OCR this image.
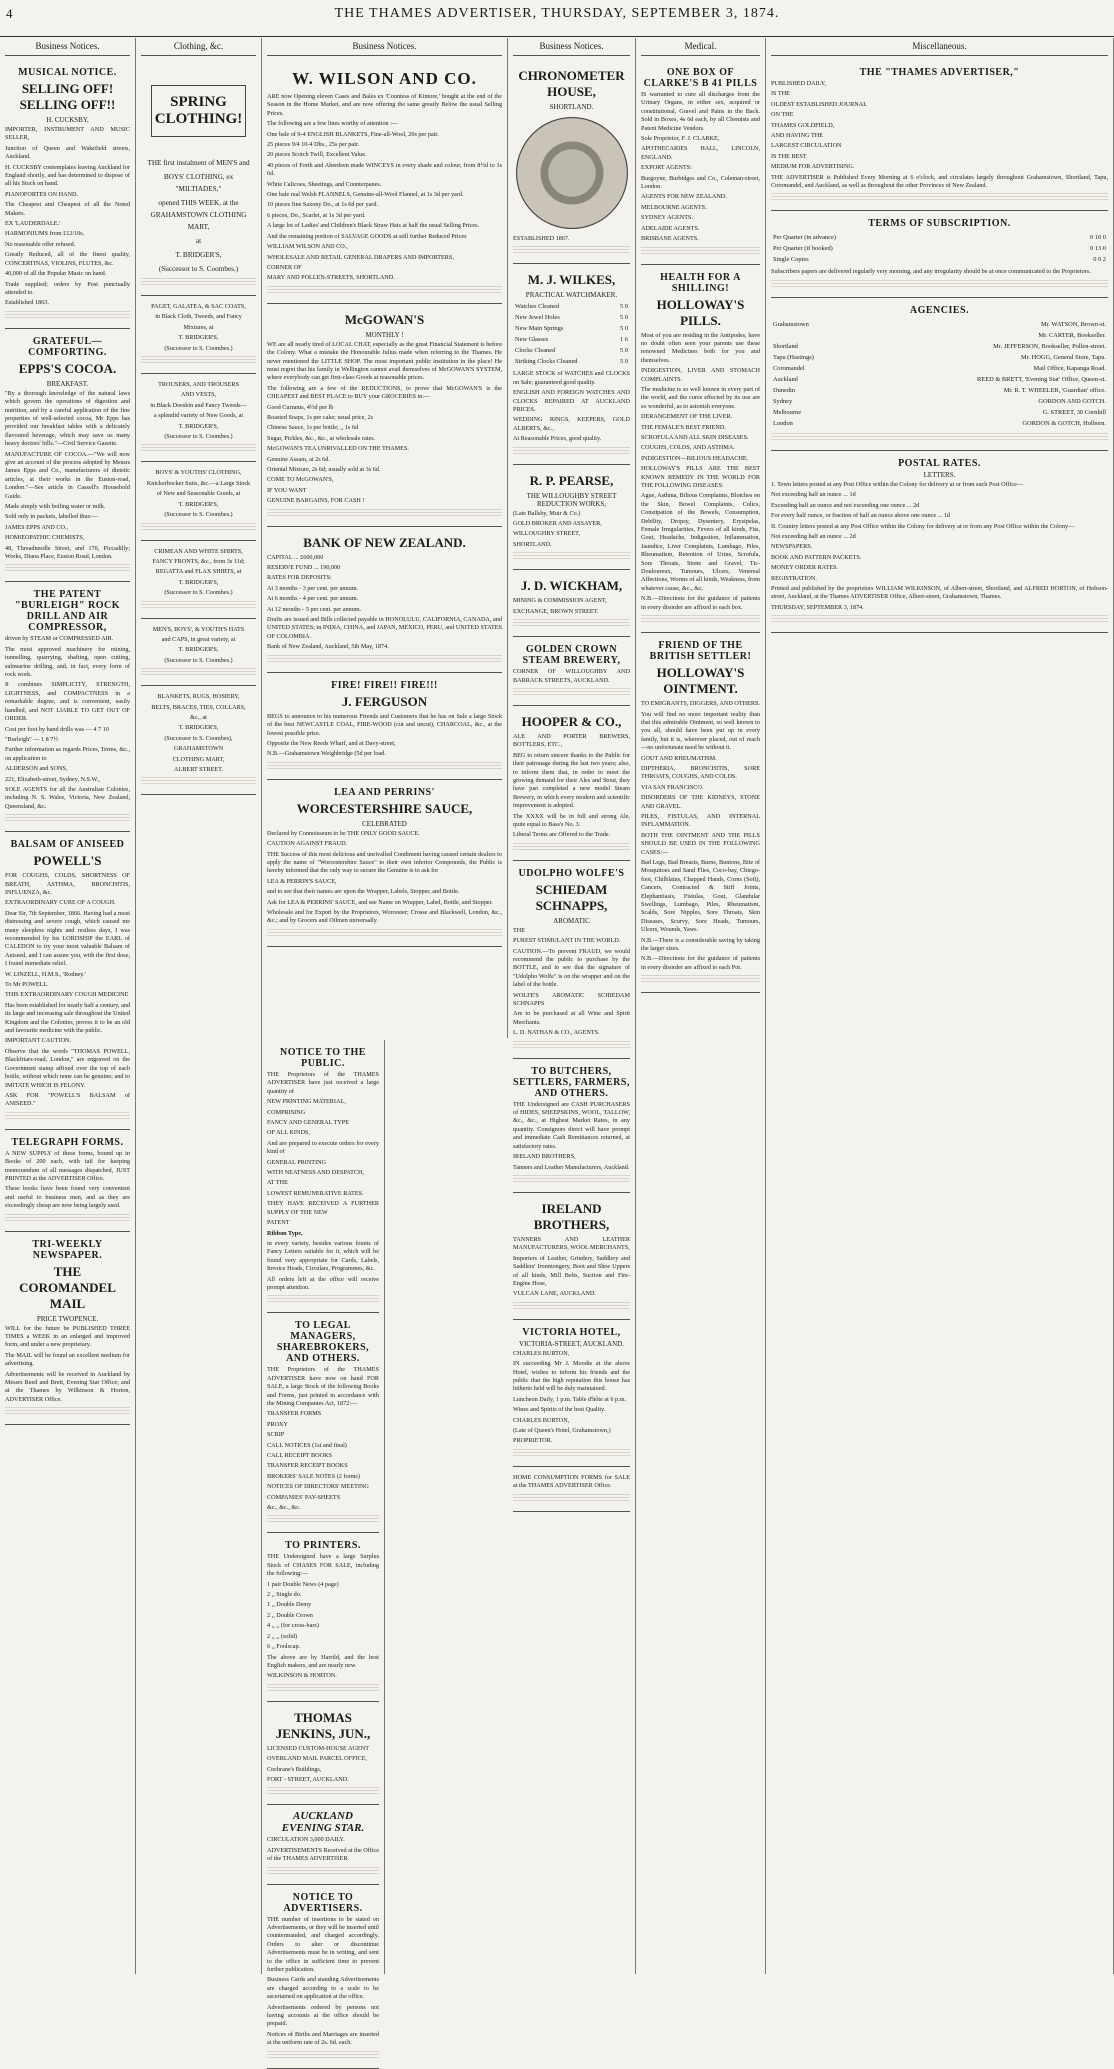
4	THE THAMES ADVERTISER, THURSDAY, SEPTEMBER 3, 1874.
Business Notices.
MUSICAL NOTICE.
SELLING OFF! SELLING OFF!!
H. CUCKSBY,

IMPORTER, INSTRUMENT AND MUSIC SELLER,

Junction of Queen and Wakefield streets, Auckland.

H. CUCKSBY contemplates leaving Auckland for England shortly, and has determined to dispose of all his Stock on hand.

PIANOFORTES ON HAND.

The Cheapest and Cheapest of all the Noted Makers.

EX 'LAUDERDALE.'

HARMONIUMS from £12/10s.

No reasonable offer refused.

Greatly Reduced, all of the finest quality, CONCERTINAS, VIOLINS, FLUTES, &c.

40,000 of all the Popular Music on hand.

Trade supplied; orders by Post punctually attended to.

Established 1863.

GRATEFUL—COMFORTING.
EPPS'S COCOA.
BREAKFAST.

"By a thorough knowledge of the natural laws which govern the operations of digestion and nutrition, and by a careful application of the fine properties of well-selected cocoa, Mr Epps has provided our breakfast tables with a delicately flavoured beverage, which may save us many heavy doctors' bills."—Civil Service Gazette.

MANUFACTURE OF COCOA.—"We will now give an account of the process adopted by Messrs James Epps and Co., manufacturers of dietetic articles, at their works in the Euston-road, London."—See article in Cassell's Household Guide.

Made simply with boiling water or milk.

Sold only in packets, labelled thus:—

JAMES EPPS AND CO.,

HOMŒOPATHIC CHEMISTS,

48, Threadneedle Street, and 170, Piccadilly; Works, Diana Place, Euston Road, London.

THE PATENT "BURLEIGH" ROCK DRILL AND AIR COMPRESSOR,

driven by STEAM or COMPRESSED AIR.

The most approved machinery for mining, tunnelling, quarrying, shafting, open cutting, submarine drilling, and, in fact, every form of rock work.

It combines SIMPLICITY, STRENGTH, LIGHTNESS, and COMPACTNESS in a remarkable degree, and is convenient, easily handled, and NOT LIABLE TO GET OUT OF ORDER.

Cost per foot by hand drills was — 4 7 10

"Burleigh" — 1 8 7½

Further information as regards Prices, Terms, &c., on application to

ALDERSON and SONS,

221, Elizabeth-street, Sydney, N.S.W.,

SOLE AGENTS for all the Australian Colonies, including N. S. Wales, Victoria, New Zealand, Queensland, &c.

BALSAM OF ANISEED
POWELL'S

FOR COUGHS, COLDS, SHORTNESS OF BREATH, ASTHMA, BRONCHITIS, INFLUENZA, &c.

EXTRAORDINARY CURE OF A COUGH.

Dear Sir, 7th September, 1866. Having had a most distressing and severe cough, which caused me many sleepless nights and restless days, I was recommended by his LORDSHIP the EARL of CALEDON to try your most valuable Balsam of Aniseed, and I can assure you, with the first dose, I found immediate relief.

W. LINZELL, H.M.S., 'Rodney.'

To Mr POWELL.

THIS EXTRAORDINARY COUGH MEDICINE

Has been established for nearly half a century, and its large and increasing sale throughout the United Kingdom and the Colonies, proves it to be an old and favourite medicine with the public.

IMPORTANT CAUTION.

Observe that the words "THOMAS POWELL, Blackfriars-road, London," are engraved on the Government stamp affixed over the top of each bottle, without which none can be genuine; and to IMITATE WHICH IS FELONY.

ASK FOR "POWELL'S BALSAM of ANISEED."

TELEGRAPH FORMS.

A NEW SUPPLY of these forms, bound up in Books of 200 each, with tail for keeping memorandum of all messages dispatched, JUST PRINTED at the ADVERTISER Office.

These books have been found very convenient and useful to business men, and as they are exceedingly cheap are now being largely used.

TRI-WEEKLY NEWSPAPER.
THE COROMANDEL MAIL
PRICE TWOPENCE.

WILL for the future be PUBLISHED THREE TIMES a WEEK in an enlarged and improved form, and under a new proprietary.

The MAIL will be found an excellent medium for advertising.

Advertisements will be received in Auckland by Messrs Reed and Brett, Evening Star Office; and at the Thames by Wilkinson & Horton, ADVERTISER Office.

Clothing, &c.
SPRING CLOTHING!

THE first instalment of MEN'S and

BOYS' CLOTHING, ex "MILTIADES,"

opened THIS WEEK, at the GRAHAMSTOWN CLOTHING MART,

at

T. BRIDGER'S,

(Successor to S. Coombes.)

PAGET, GALATEA, & SAC COATS,

in Black Cloth, Tweeds, and Fancy

Mixtures, at

T. BRIDGER'S,

(Successor to S. Coombes.)

TROUSERS, AND TROUSERS

AND VESTS,

in Black Doeskin and Fancy Tweeds—

a splendid variety of New Goods, at

T. BRIDGER'S,

(Successor to S. Coombes.)

BOYS' & YOUTHS' CLOTHING,

Knickerbocker Suits, &c.—a Large Stock

of New and Seasonable Goods, at

T. BRIDGER'S,

(Successor to S. Coombes.)

CRIMEAN AND WHITE SHIRTS,

FANCY FRONTS, &c., from 3s 11d;

REGATTA and FLAX SHIRTS, at

T. BRIDGER'S,

(Successor to S. Coombes.)

MEN'S, BOYS', & YOUTH'S HATS

and CAPS, in great variety, at

T. BRIDGER'S,

(Successor to S. Coombes.)

BLANKETS, RUGS, HOSIERY,

BELTS, BRACES, TIES, COLLARS,

&c., at

T. BRIDGER'S,

(Successor to S. Coombes),

GRAHAMSTOWN

CLOTHING MART,

ALBERT STREET.

Business Notices.
W. WILSON AND CO.

ARE now Opening eleven Cases and Bales ex 'Countess of Kintore,' bought at the end of the Season in the Home Market, and are now offering the same greatly Below the usual Selling Prices.

The following are a few lines worthy of attention :—

One bale of 9-4 ENGLISH BLANKETS, Fine-all-Wool, 20s per pair.

25 pieces 9/4 10-4 Dbs., 25s per pair.

20 pieces Scotch Twill, Excellent Value.

40 pieces of Forth and Aberdeen made WINCEYS in every shade and colour, from 8½d to 1s 6d.

White Calicoes, Sheetings, and Counterpanes.

One bale real Welsh FLANNELS, Genuine-all-Wool Flannel, at 1s 3d per yard.

10 pieces fine Saxony Do., at 1s 6d per yard.

6 pieces, Do., Scarlet, at 1s 3d per yard.

A large lot of Ladies' and Children's Black Straw Hats at half the usual Selling Prices.

And the remaining portion of SALVAGE GOODS at still further Reduced Prices

WILLIAM WILSON AND CO.,

WHOLESALE AND RETAIL GENERAL DRAPERS AND IMPORTERS,

CORNER OF

MARY AND POLLEN-STREETS, SHORTLAND.

McGOWAN'S
MONTHLY !

WE are all nearly tired of LOCAL CHAT, especially as the great Financial Statement is before the Colony. What a mistake the Honourable Julius made when referring to the Thames. He never mentioned the LITTLE SHOP. The most important public institution in the place! He must regret that his family in Wellington cannot avail themselves of McGOWAN'S SYSTEM, where everybody can get first-class Goods at reasonable prices.

The following are a few of the REDUCTIONS, to prove that McGOWAN'S is the CHEAPEST and BEST PLACE to BUY your GROCERIES in:—

Good Currants, 4½d per lb

Roasted Soaps, 1s per cake; usual price, 2s

Chinese Sauce, 1s per bottle; ,, 1s 6d

Sugar, Pickles, &c., &c., at wholesale rates.

McGOWAN'S TEA UNRIVALLED ON THE THAMES.

Genuine Assam, at 2s 6d.

Oriental Mixture, 2s 6d; usually sold at 3s 6d.

COME TO McGOWAN'S,

IF YOU WANT

GENUINE BARGAINS, FOR CASH !

BANK OF NEW ZEALAND.

CAPITAL ... £600,000

RESERVE FUND ... 190,000

RATES FOR DEPOSITS:

At 3 months - 3 per cent. per annum.

At 6 months - 4 per cent. per annum.

At 12 months - 5 per cent. per annum.

Drafts are issued and Bills collected payable in HONOLULU, CALIFORNIA, CANADA, and UNITED STATES; in INDIA, CHINA, and JAPAN, MEXICO, PERU, and UNITED STATES OF COLOMBIA.

Bank of New Zealand, Auckland, 5th May, 1874.

FIRE! FIRE!! FIRE!!!
J. FERGUSON

BEGS to announce to his numerous Friends and Customers that he has on Sale a large Stock of the best NEWCASTLE COAL, FIRE-WOOD (cut and uncut), CHARCOAL, &c., at the lowest possible price.

Opposite the New Reeds Wharf, and at Davy-street,

N.B.—Grahamstown Weighbridge (5d per load.

LEA AND PERRINS'
WORCESTERSHIRE SAUCE,
CELEBRATED

Declared by Connoisseurs to be THE ONLY GOOD SAUCE.

CAUTION AGAINST FRAUD.

THE Success of this most delicious and unrivalled Condiment having caused certain dealers to apply the name of "Worcestershire Sauce" to their own inferior Compounds, the Public is hereby informed that the only way to secure the Genuine is to ask for

LEA & PERRIN'S SAUCE,

and to see that their names are upon the Wrapper, Labels, Stopper, and Bottle.

Ask for LEA & PERRINS' SAUCE, and see Name on Wrapper, Label, Bottle, and Stopper.

Wholesale and for Export by the Proprietors, Worcester; Crosse and Blackwell, London, &c., &c.; and by Grocers and Oilmen universally.

NOTICE TO THE PUBLIC.

THE Proprietors of the THAMES ADVERTISER have just received a large quantity of

NEW PRINTING MATERIAL,

COMPRISING

FANCY AND GENERAL TYPE

OF ALL KINDS,

And are prepared to execute orders for every kind of

GENERAL PRINTING

WITH NEATNESS AND DESPATCH,

AT THE

LOWEST REMUNERATIVE RATES.

THEY HAVE RECEIVED A FURTHER SUPPLY OF THE NEW

PATENT

Ribbon Type,

in every variety, besides various founts of Fancy Letters suitable for it, which will be found very appropriate for Cards, Labels, Invoice Heads, Circulars, Programmes, &c.

All orders left at the office will receive prompt attention.

TO LEGAL MANAGERS, SHAREBROKERS, AND OTHERS.

THE Proprietors of the THAMES ADVERTISER have now on hand FOR SALE, a large Stock of the following Books and Forms, just printed in accordance with the Mining Companies Act, 1872:—

TRANSFER FORMS

PROXY

SCRIP

CALL NOTICES (1st and final)

CALL RECEIPT BOOKS

TRANSFER RECEIPT BOOKS

BROKERS' SALE NOTES (2 forms)

NOTICES OF DIRECTORS' MEETING

COMPANIES' PAY-SHEETS

&c., &c., &c.

TO PRINTERS.

THE Undersigned have a large Surplus Stock of CHASES FOR SALE, including the following:—

1 pair Double News (4 page)

2 ,, Single do.

1 ,, Double Demy

2 ,, Double Crown

4 ,, ,, (for cross-bars)

2 ,, ,, (solid)

6 ,, Foolscap.

The above are by Harrild, and the best English makers, and are nearly new.

WILKINSON & HORTON.

THOMAS JENKINS, JUN.,

LICENSED CUSTOM-HOUSE AGENT

OVERLAND MAIL PARCEL OFFICE,

Cochrane's Buildings,

FORT - STREET, AUCKLAND.

AUCKLAND EVENING STAR.

CIRCULATION 3,000 DAILY.

ADVERTISEMENTS Received at the Office of the THAMES ADVERTISER.

NOTICE TO ADVERTISERS.

THE number of insertions to be stated on Advertisements, or they will be inserted until countermanded, and charged accordingly. Orders to alter or discontinue Advertisements must be in writing, and sent to the office in sufficient time to prevent further publication.

Business Cards and standing Advertisements are charged according to a scale to be ascertained on application at the office.

Advertisements ordered by persons not having accounts at the office should be prepaid.

Notices of Births and Marriages are inserted at the uniform rate of 2s. 6d. each.

Business Notices.
CHRONOMETER HOUSE,
SHORTLAND.

ESTABLISHED 1867.

M. J. WILKES,
PRACTICAL WATCHMAKER.
Watches Cleaned	5 0
New Jewel Holes	5 0
New Main Springs	5 0
New Glasses	1 6
Clocks Cleaned	5 0
Striking Clocks Cleaned	5 0

LARGE STOCK of WATCHES and CLOCKS on Sale; guaranteed good quality.

ENGLISH AND FOREIGN WATCHES AND CLOCKS REPAIRED AT AUCKLAND PRICES.

WEDDING RINGS, KEEPERS, GOLD ALBERTS, &c.,

At Reasonable Prices, good quality.

R. P. PEARSE,
THE WILLOUGHBY STREET REDUCTION WORKS,

(Late Ballsby, Muir & Co.)

GOLD BROKER AND ASSAYER,

WILLOUGHBY STREET,

SHORTLAND.

J. D. WICKHAM,

MINING & COMMISSION AGENT,

EXCHANGE, BROWN STREET.

GOLDEN CROWN STEAM BREWERY,

CORNER OF WILLOUGHBY AND BARRACK STREETS, AUCKLAND.

HOOPER & CO.,

ALE AND PORTER BREWERS, BOTTLERS, ETC.,

BEG to return sincere thanks to the Public for their patronage during the last two years; also, to inform them that, in order to meet the growing demand for their Ales and Stout, they have just completed a new model Steam Brewery, in which every modern and scientific improvement is adopted.

The XXXX will be in full and strong Ale, quite equal to Bass's No. 3.

Liberal Terms are Offered to the Trade.

UDOLPHO WOLFE'S
SCHIEDAM SCHNAPPS,
AROMATIC

THE

PUREST STIMULANT IN THE WORLD.

CAUTION.—To prevent FRAUD, we would recommend the public to purchase by the BOTTLE, and to see that the signature of "Udolpho Wolfe" is on the wrapper and on the label of the bottle.

WOLFE'S AROMATIC SCHIEDAM SCHNAPPS

Are to be purchased at all Wine and Spirit Merchants.

L. D. NATHAN & CO., AGENTS.

TO BUTCHERS, SETTLERS, FARMERS, AND OTHERS.

THE Undersigned are CASH PURCHASERS of HIDES, SHEEPSKINS, WOOL, TALLOW, &c., &c., at Highest Market Rates, in any quantity. Consignors direct will have prompt and immediate Cash Remittances returned, at satisfactory rates.

IRELAND BROTHERS,

Tanners and Leather Manufacturers, Auckland.

IRELAND BROTHERS,

TANNERS AND LEATHER MANUFACTURERS, WOOL MERCHANTS,

Importers of Leather, Grindery, Saddlery and Saddlers' Ironmongery, Boot and Shoe Uppers of all kinds, Mill Belts, Suction and Fire-Engine Hose,

VULCAN LANE, AUCKLAND.

VICTORIA HOTEL,
VICTORIA-STREET, AUCKLAND.

CHARLES BURTON,

IN succeeding Mr J. Moodie at the above Hotel, wishes to inform his friends and the public that the high reputation this house has hitherto held will be duly maintained.

Luncheon Daily, 1 p.m. Table d'hôte at 6 p.m.

Wines and Spirits of the best Quality.

CHARLES BURTON,

(Late of Queen's Hotel, Grahamstown,)

PROPRIETOR.

HOME CONSUMPTION FORMS for SALE at the THAMES ADVERTISER Office.

Medical.
ONE BOX OF CLARKE'S B 41 PILLS

IS warranted to cure all discharges from the Urinary Organs, in either sex, acquired or constitutional, Gravel and Pains in the Back. Sold in Boxes, 4s 6d each, by all Chemists and Patent Medicine Vendors.

Sole Proprietor, F. J. CLARKE,

APOTHECARIES HALL, LINCOLN, ENGLAND.

EXPORT AGENTS:

Burgoyne, Burbidges and Co., Coleman-street, London.

AGENTS FOR NEW ZEALAND.

MELBOURNE AGENTS.

SYDNEY AGENTS.

ADELAIDE AGENTS.

BRISBANE AGENTS.

HEALTH FOR A SHILLING!
HOLLOWAY'S PILLS.

Most of you are residing in the Antipodes, have no doubt often seen your parents use these renowned Medicines both for you and themselves.

INDIGESTION, LIVER AND STOMACH COMPLAINTS.

The medicine is so well known in every part of the world, and the cures effected by its use are so wonderful, as to astonish everyone.

DERANGEMENT OF THE LIVER.

THE FEMALE'S BEST FRIEND.

SCROFULA AND ALL SKIN DISEASES.

COUGHS, COLDS, AND ASTHMA.

INDIGESTION—BILIOUS HEADACHE.

HOLLOWAY'S PILLS ARE THE BEST KNOWN REMEDY IN THE WORLD FOR THE FOLLOWING DISEASES:

Ague, Asthma, Bilious Complaints, Blotches on the Skin, Bowel Complaints, Colics, Constipation of the Bowels, Consumption, Debility, Dropsy, Dysentery, Erysipelas, Female Irregularities, Fevers of all kinds, Fits, Gout, Headache, Indigestion, Inflammation, Jaundice, Liver Complaints, Lumbago, Piles, Rheumatism, Retention of Urine, Scrofula, Sore Throats, Stone and Gravel, Tic-Douloureux, Tumours, Ulcers, Venereal Affections, Worms of all kinds, Weakness, from whatever cause, &c., &c.

N.B.—Directions for the guidance of patients in every disorder are affixed to each box.

FRIEND OF THE BRITISH SETTLER!
HOLLOWAY'S OINTMENT.

TO EMIGRANTS, DIGGERS, AND OTHERS.

You will find no more important reality than that this admirable Ointment, so well known to you all, should have been put up in every family, but it is, wherever placed, out of reach—no unfortunate need be without it.

GOUT AND RHEUMATISM.

DIPTHERIA, BRONCHITIS, SORE THROATS, COUGHS, AND COLDS.

VIA SAN FRANCISCO.

DISORDERS OF THE KIDNEYS, STONE AND GRAVEL.

PILES, FISTULAS, AND INTERNAL INFLAMMATION.

BOTH THE OINTMENT AND THE PILLS SHOULD BE USED IN THE FOLLOWING CASES:—

Bad Legs, Bad Breasts, Burns, Bunions, Bite of Mosquitoes and Sand Flies, Coco-bay, Chiego-foot, Chilblains, Chapped Hands, Corns (Soft), Cancers, Contracted & Stiff Joints, Elephantiasis, Fistulas, Gout, Glandular Swellings, Lumbago, Piles, Rheumatism, Scalds, Sore Nipples, Sore Throats, Skin Diseases, Scurvy, Sore Heads, Tumours, Ulcers, Wounds, Yaws.

N.B.—There is a considerable saving by taking the larger sizes.

N.B.—Directions for the guidance of patients in every disorder are affixed to each Pot.

Miscellaneous.
THE "THAMES ADVERTISER,"

PUBLISHED DAILY,

IS THE

OLDEST ESTABLISHED JOURNAL

ON THE

THAMES GOLDFIELD,

AND HAVING THE

LARGEST CIRCULATION

IS THE BEST

MEDIUM FOR ADVERTISING.

THE ADVERTISER is Published Every Morning at 6 o'clock, and circulates largely throughout Grahamstown, Shortland, Tapu, Coromandel, and Auckland, as well as throughout the other Provinces of New Zealand.

TERMS OF SUBSCRIPTION.
Per Quarter (in advance)	0 10 0
Per Quarter (if booked)	0 13 0
Single Copies	0 0 2

Subscribers papers are delivered regularly very morning, and any irregularity should be at once communicated to the Proprietors.

AGENCIES.
Grahamstown	Mr. WATSON, Brown-st.
	Mr. CARTER, Bookseller.
Shortland	Mr. JEFFERSON, Bookseller, Pollen-street.
Tapu (Hastings)	Mr. HOGG, General Store, Tapu.
Coromandel	Mail Office, Kapanga Road.
Auckland	REED & BRETT, 'Evening Star' Office, Queen-st.
Dunedin	Mr. R. T. WHEELER, 'Guardian' office.
Sydney	GORDON AND GOTCH.
Melbourne	G. STREET, 30 Cornhill
London	GORDON & GOTCH, Holborn.
POSTAL RATES.
LETTERS.

1. Town letters posted at any Post Office within the Colony for delivery at or from such Post Office—

Not exceeding half an ounce ... 1d

Exceeding half an ounce and not exceeding one ounce ... 2d

For every half ounce, or fraction of half an ounce above one ounce ... 1d

II. Country letters posted at any Post Office within the Colony for delivery at or from any Post Office within the Colony—

Not exceeding half an ounce ... 2d

NEWSPAPERS.

BOOK AND PATTERN PACKETS.

MONEY ORDER RATES.

REGISTRATION.

Printed and published by the proprietors WILLIAM WILKINSON, of Albert-street, Shortland, and ALFRED HORTON, of Hobson-street, Auckland, at the Thames ADVERTISER Office, Albert-street, Grahamstown, Thames.

THURSDAY, SEPTEMBER 3, 1874.
